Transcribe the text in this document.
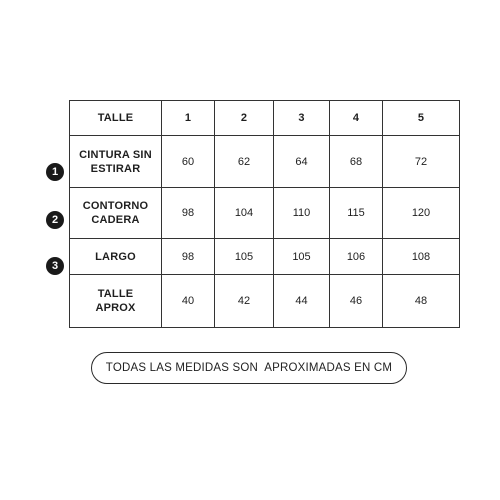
TALLE	1	2	3	4	5

CINTURA SIN
ESTIRAR	60	62	64	68	72

CONTORNO
CADERA	98	104	110	115	120

LARGO	98	105	105	106	108

TALLE
APROX	40	42	44	46	48
1
2
3
TODAS LAS MEDIDAS SON  APROXIMADAS EN CM
